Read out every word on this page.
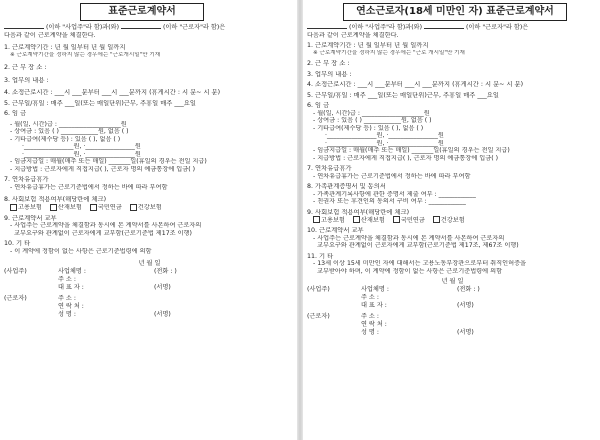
표준근로계약서
(이하 "사업주"라 함)과(와)	(이하 "근로자"라 함)은
다음과 같이 근로계약을 체결한다.
1. 근로계약기간 : 년 월 일부터 년 월 일까지
※ 근로계약기간을 정하지 않는 경우에는 "근로개시일"만 기재
2. 근 무 장 소 :
3. 업무의 내용 :
4. 소정근로시간 : ___시 ___분부터 ___시 ___분까지 (휴게시간 : 시 분~ 시 분)
5. 근무일/휴일 : 매주 ___일(또는 매일단위)근무, 주휴일 매주 ___요일
6. 임 금
- 월(일, 시간)급 : ____________________원
- 상여금 : 있음 ( ) ____________원, 없음 ( )
- 기타급여(제수당 등) : 있음 ( ), 없음 ( )
·________________원, ·________________원
·________________원, ·________________원
- 임금지급일 : 매월(매주 또는 매일) _______일(휴일의 경우는 전일 지급)
- 지급방법 : 근로자에게 직접지급( ), 근로자 명의 예금통장에 입금( )
7. 연차유급휴가
- 연차유급휴가는 근로기준법에서 정하는 바에 따라 부여함
8. 사회보험 적용여부(해당란에 체크)
고용보험	산재보험	국민연금	건강보험
9. 근로계약서 교부
- 사업주는 근로계약을 체결함과 동시에 본 계약서를 사본하여 근로자의
교부요구와 관계없이 근로자에게 교부함(근로기준법 제17조 이행)
10. 기 타
- 이 계약에 정함이 없는 사항은 근로기준법령에 의함
년 월 일
(사업주)	사업체명 :	(전화 : )
주 소 :
대 표 자 :	(서명)
(근로자)	주 소 :
연 락 처 :
성 명 :	(서명)
연소근로자(18세 미만인 자) 표준근로계약서
(이하 "사업주"라 함)과(와)	(이하 "근로자"라 함)은
다음과 같이 근로계약을 체결한다.
1. 근로계약기간 : 년 월 일부터 년 월 일까지
※ 근로계약기간을 정하지 않는 경우에는 "근로 개시일"만 기재
2. 근 무 장 소 :
3. 업무의 내용 :
4. 소정근로시간 : ___시 ___분부터 ___시 ___분까지 (휴게시간 : 시 분~ 시 분)
5. 근무일/휴일 : 매주 ___일(또는 매일단위)근무, 주휴일 매주 ___요일
6. 임 금
- 월(일, 시간)급 : ____________________원
- 상여금 : 있음 ( ) ____________원, 없음 ( )
- 기타급여(제수당 등) : 있음 ( ), 없음 ( )
·________________원, ·________________원
·________________원, ·________________원
- 임금지급일 : 매월(매주 또는 매일) _______일(휴일의 경우는 전일 지급)
- 지급방법 : 근로자에게 직접지급( ), 근로자 명의 예금통장에 입금( )
7. 연차유급휴가
- 연차유급휴가는 근로기준법에서 정하는 바에 따라 부여함
8. 가족관계증명서 및 동의서
- 가족관계기록사항에 관한 증명서 제출 여부 : ____________
- 친권자 또는 후견인의 동의서 구비 여부 : ____________
9. 사회보험 적용여부(해당란에 체크)
고용보험	산재보험	국민연금	건강보험
10. 근로계약서 교부
- 사업주는 근로계약을 체결함과 동시에 본 계약서를 사본하여 근로자의
교부요구와 관계없이 근로자에게 교부함(근로기준법 제17조, 제67조 이행)
11. 기 타
- 13세 이상 15세 미만인 자에 대해서는 고용노동부장관으로부터 취직인허증을
교부받아야 하며, 이 계약에 정함이 없는 사항은 근로기준법령에 의함
년 월 일
(사업주)	사업체명 :	(전화 : )
주 소 :
대 표 자 :	(서명)
(근로자)	주 소 :
연 락 처 :
성 명 :	(서명)
